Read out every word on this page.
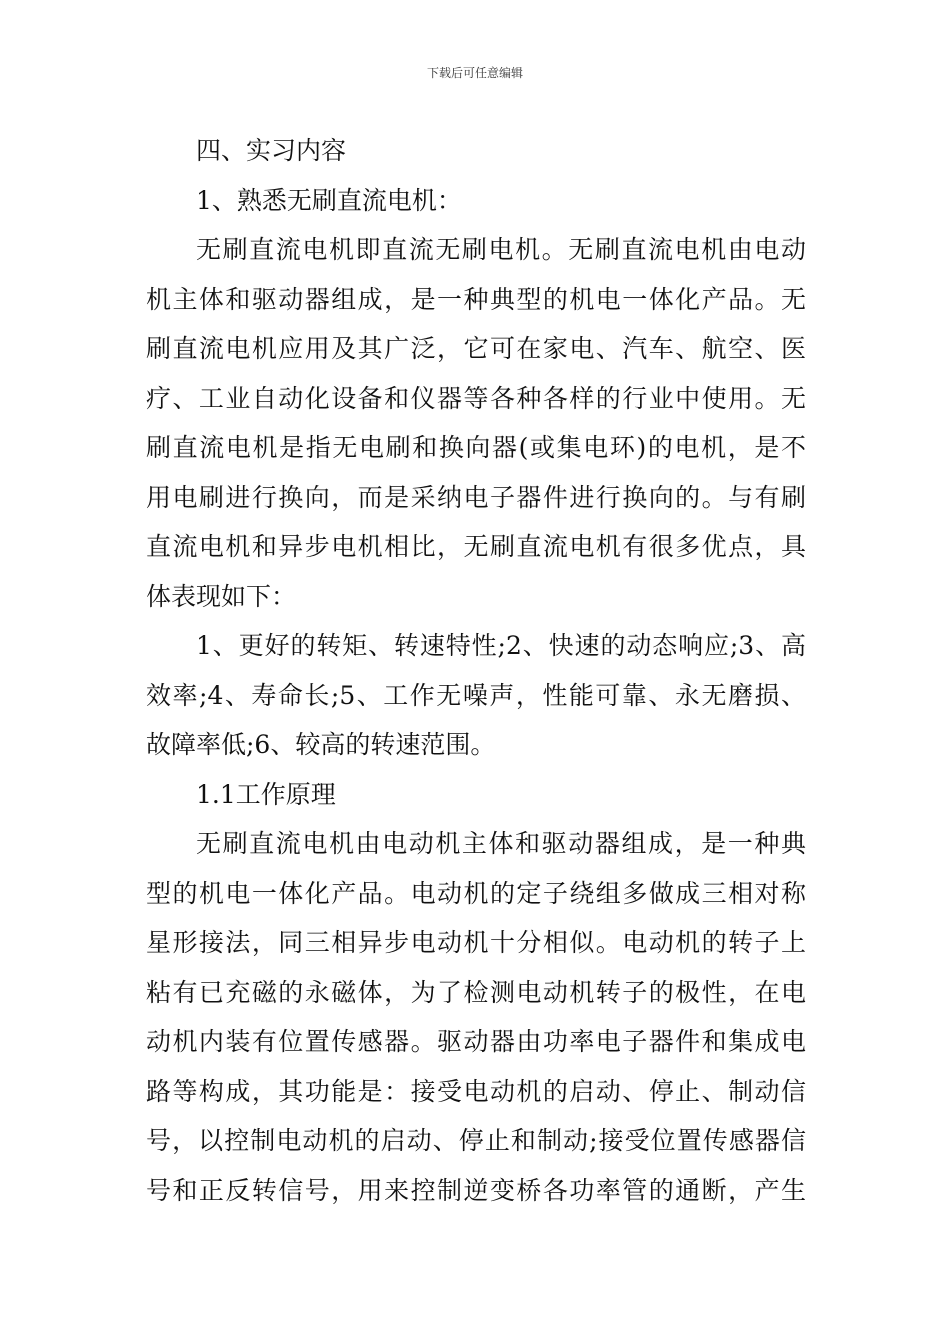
下载后可任意编辑
四、实习内容
1、熟悉无刷直流电机：
无刷直流电机即直流无刷电机。无刷直流电机由电动
机主体和驱动器组成，是一种典型的机电一体化产品。无
刷直流电机应用及其广泛，它可在家电、汽车、航空、医
疗、工业自动化设备和仪器等各种各样的行业中使用。无
刷直流电机是指无电刷和换向器(或集电环)的电机，是不
用电刷进行换向，而是采纳电子器件进行换向的。与有刷
直流电机和异步电机相比，无刷直流电机有很多优点，具
体表现如下：
1、更好的转矩、转速特性;2、快速的动态响应;3、高
效率;4、寿命长;5、工作无噪声，性能可靠、永无磨损、
故障率低;6、较高的转速范围。
1.1工作原理
无刷直流电机由电动机主体和驱动器组成，是一种典
型的机电一体化产品。电动机的定子绕组多做成三相对称
星形接法，同三相异步电动机十分相似。电动机的转子上
粘有已充磁的永磁体，为了检测电动机转子的极性，在电
动机内装有位置传感器。驱动器由功率电子器件和集成电
路等构成，其功能是：接受电动机的启动、停止、制动信
号，以控制电动机的启动、停止和制动;接受位置传感器信
号和正反转信号，用来控制逆变桥各功率管的通断，产生
